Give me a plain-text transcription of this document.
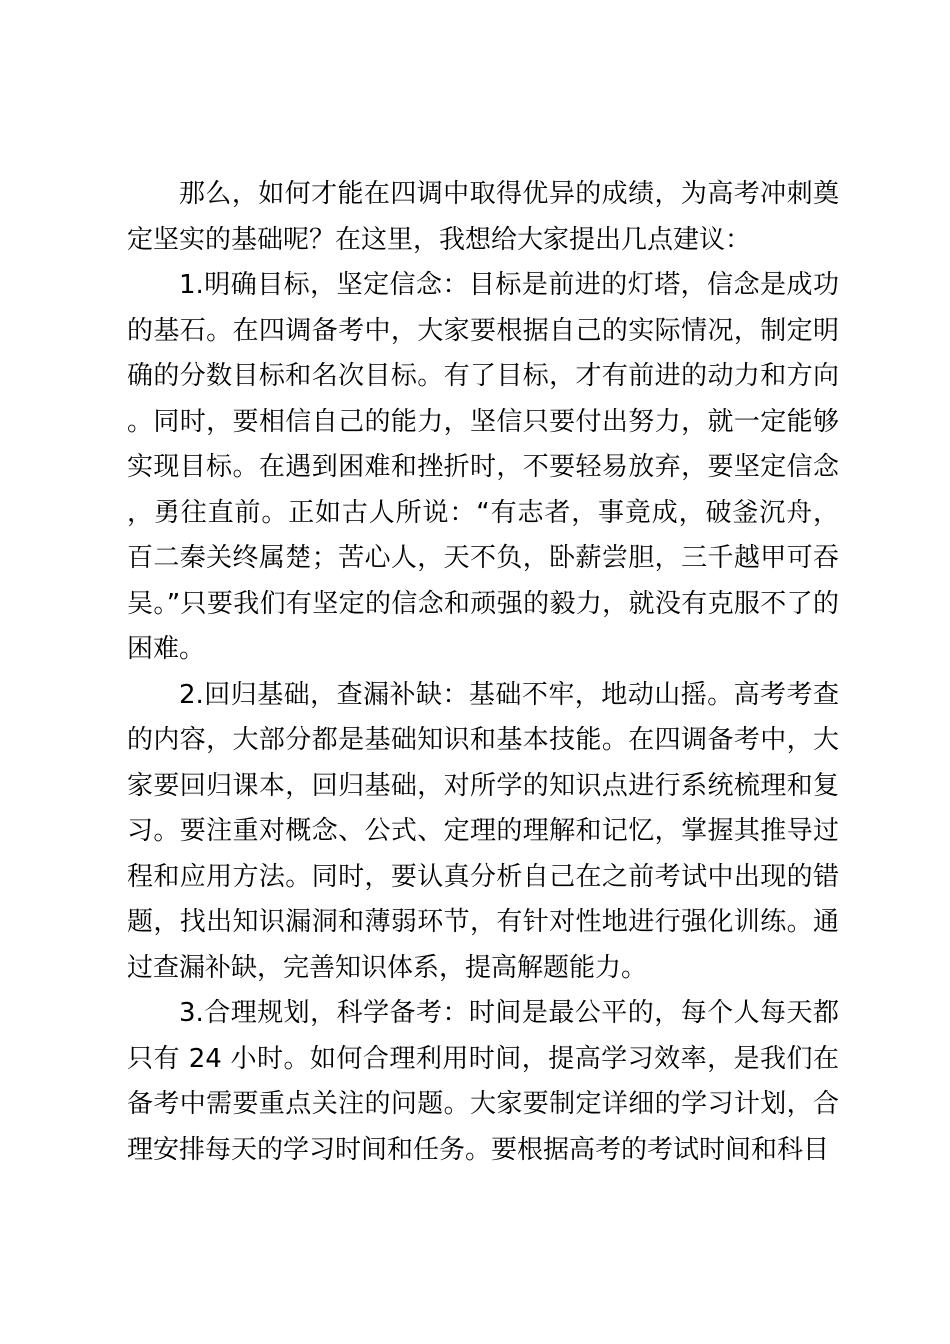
那么，如何才能在四调中取得优异的成绩，为高考冲刺奠定坚实的基础呢？在这里，我想给大家提出几点建议：

1.明确目标，坚定信念：目标是前进的灯塔，信念是成功的基石。在四调备考中，大家要根据自己的实际情况，制定明确的分数目标和名次目标。有了目标，才有前进的动力和方向。同时，要相信自己的能力，坚信只要付出努力，就一定能够实现目标。在遇到困难和挫折时，不要轻易放弃，要坚定信念，勇往直前。正如古人所说：“有志者，事竟成，破釜沉舟，百二秦关终属楚；苦心人，天不负，卧薪尝胆，三千越甲可吞吴。”只要我们有坚定的信念和顽强的毅力，就没有克服不了的困难。

2.回归基础，查漏补缺：基础不牢，地动山摇。高考考查的内容，大部分都是基础知识和基本技能。在四调备考中，大家要回归课本，回归基础，对所学的知识点进行系统梳理和复习。要注重对概念、公式、定理的理解和记忆，掌握其推导过程和应用方法。同时，要认真分析自己在之前考试中出现的错题，找出知识漏洞和薄弱环节，有针对性地进行强化训练。通过查漏补缺，完善知识体系，提高解题能力。

3.合理规划，科学备考：时间是最公平的，每个人每天都只有 24 小时。如何合理利用时间，提高学习效率，是我们在备考中需要重点关注的问题。大家要制定详细的学习计划，合理安排每天的学习时间和任务。要根据高考的考试时间和科目
